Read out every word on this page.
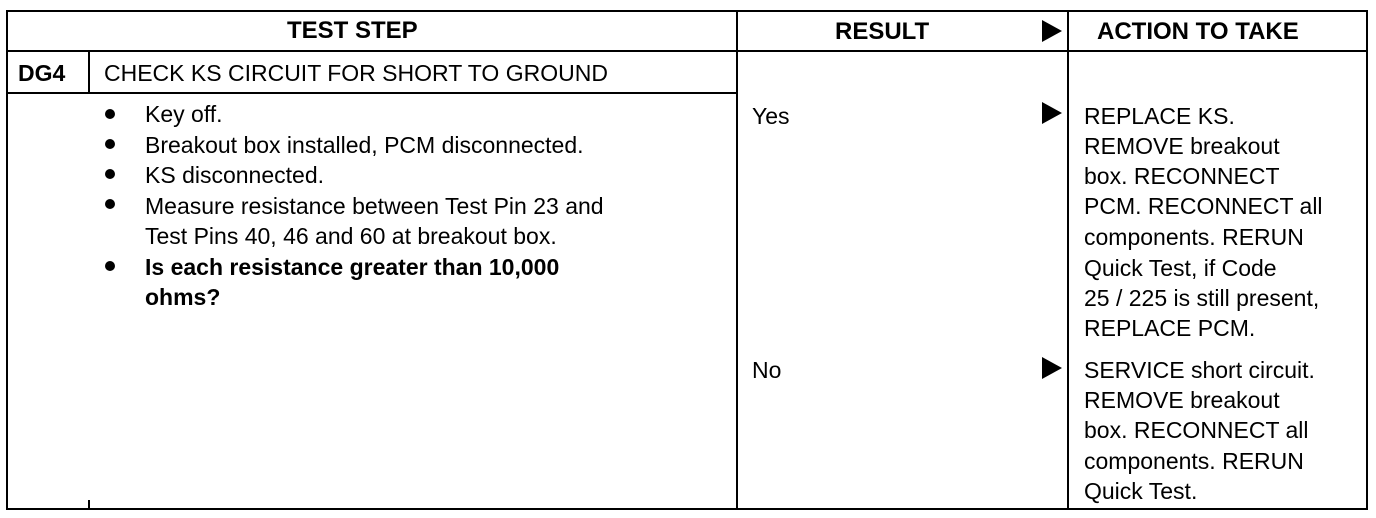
TEST STEP	RESULT	ACTION TO TAKE
DG4 CHECK KS CIRCUIT FOR SHORT TO GROUND
Key off.
Breakout box installed, PCM disconnected.
KS disconnected.
Measure resistance between Test Pin 23 and
Test Pins 40, 46 and 60 at breakout box.
Is each resistance greater than 10,000
ohms?
Yes	REPLACE KS.
REMOVE breakout
box. RECONNECT
PCM. RECONNECT all
components. RERUN
Quick Test, if Code
25 / 225 is still present,
REPLACE PCM.
No	SERVICE short circuit.
REMOVE breakout
box. RECONNECT all
components. RERUN
Quick Test.
